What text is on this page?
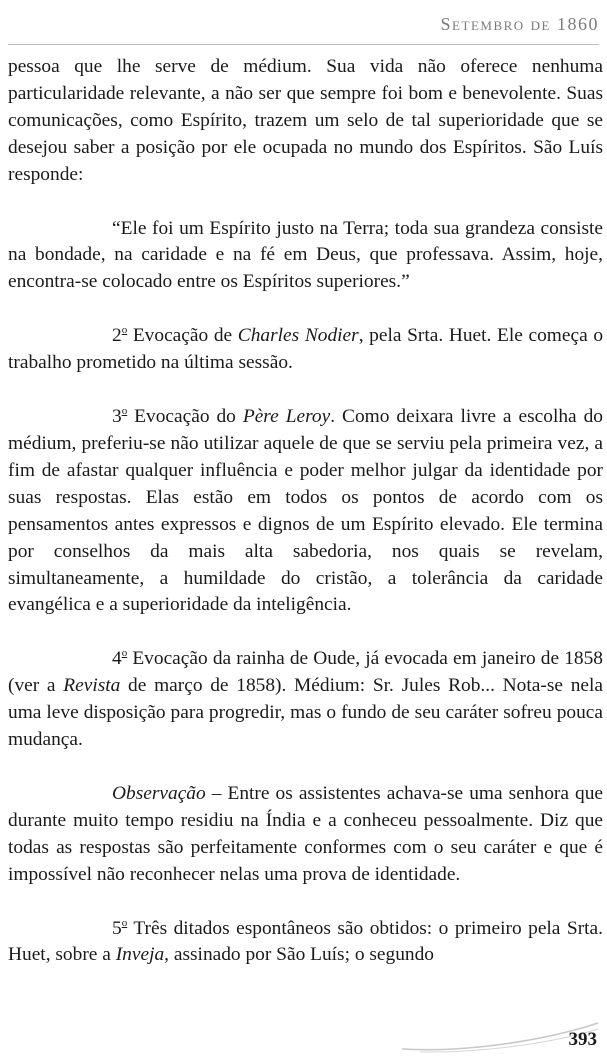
Setembro de 1860

pessoa que lhe serve de médium. Sua vida não oferece nenhuma particularidade relevante, a não ser que sempre foi bom e benevolente. Suas comunicações, como Espírito, trazem um selo de tal superioridade que se desejou saber a posição por ele ocupada no mundo dos Espíritos. São Luís responde:

“Ele foi um Espírito justo na Terra; toda sua grandeza consiste na bondade, na caridade e na fé em Deus, que professava. Assim, hoje, encontra-se colocado entre os Espíritos superiores.”

2$^o$ Evocação de Charles Nodier, pela Srta. Huet. Ele começa o trabalho prometido na última sessão.

3$^o$ Evocação do Père Leroy. Como deixara livre a escolha do médium, preferiu-se não utilizar aquele de que se serviu pela primeira vez, a fim de afastar qualquer influência e poder melhor julgar da identidade por suas respostas. Elas estão em todos os pontos de acordo com os pensamentos antes expressos e dignos de um Espírito elevado. Ele termina por conselhos da mais alta sabedoria, nos quais se revelam, simultaneamente, a humildade do cristão, a tolerância da caridade evangélica e a superioridade da inteligência.

4$^o$ Evocação da rainha de Oude, já evocada em janeiro de 1858 (ver a Revista de março de 1858). Médium: Sr. Jules Rob... Nota-se nela uma leve disposição para progredir, mas o fundo de seu caráter sofreu pouca mudança.

Observação – Entre os assistentes achava-se uma senhora que durante muito tempo residiu na Índia e a conheceu pessoalmente. Diz que todas as respostas são perfeitamente conformes com o seu caráter e que é impossível não reconhecer nelas uma prova de identidade.

5$^o$ Três ditados espontâneos são obtidos: o primeiro pela Srta. Huet, sobre a Inveja, assinado por São Luís; o segundo

393
